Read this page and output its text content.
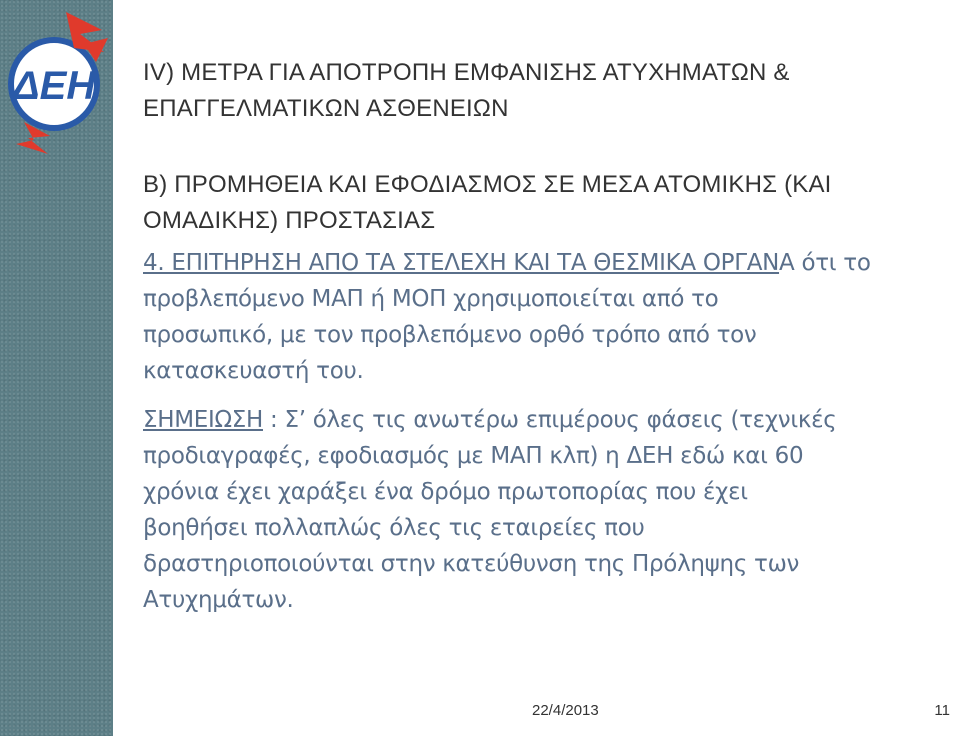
ΔΕΗ IV) ΜΕΤΡΑ ΓΙΑ ΑΠΟΤΡΟΠΗ ΕΜΦΑΝΙΣΗΣ ΑΤΥΧΗΜΑΤΩΝ &
ΕΠΑΓΓΕΛΜΑΤΙΚΩΝ ΑΣΘΕΝΕΙΩΝ
Β) ΠΡΟΜΗΘΕΙΑ ΚΑΙ ΕΦΟΔΙΑΣΜΟΣ ΣΕ ΜΕΣΑ ΑΤΟΜΙΚΗΣ (ΚΑΙ
ΟΜΑΔΙΚΗΣ) ΠΡΟΣΤΑΣΙΑΣ
4. ΕΠΙΤΗΡΗΣΗ ΑΠΟ ΤΑ ΣΤΕΛΕΧΗ ΚΑΙ ΤΑ ΘΕΣΜΙΚΑ ΟΡΓΑΝΑ ότι το
προβλεπόμενο ΜΑΠ ή ΜΟΠ χρησιμοποιείται από το
προσωπικό, με τον προβλεπόμενο ορθό τρόπο από τον
κατασκευαστή του.
ΣΗΜΕΙΩΣΗ : Σ’ όλες τις ανωτέρω επιμέρους φάσεις (τεχνικές
προδιαγραφές, εφοδιασμός με ΜΑΠ κλπ) η ΔΕΗ εδώ και 60
χρόνια έχει χαράξει ένα δρόμο πρωτοπορίας που έχει
βοηθήσει πολλαπλώς όλες τις εταιρείες που
δραστηριοποιούνται στην κατεύθυνση της Πρόληψης των
Ατυχημάτων.
22/4/2013	11
